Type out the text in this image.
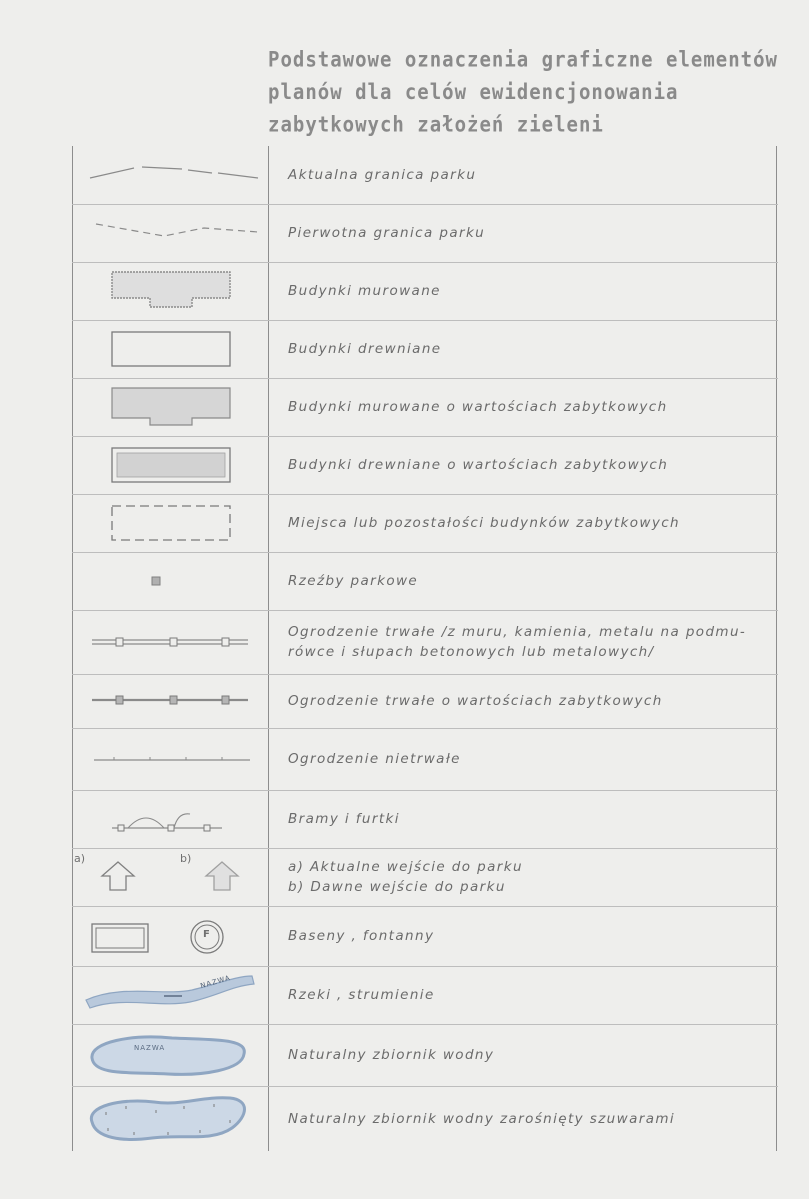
Podstawowe oznaczenia graficzne elementów
planów dla celów ewidencjonowania
zabytkowych założeń zieleni
Aktualna granica parku
Pierwotna granica parku
Budynki murowane
Budynki drewniane
Budynki murowane o wartościach zabytkowych
Budynki drewniane o wartościach zabytkowych
Miejsca lub pozostałości budynków zabytkowych
Rzeźby parkowe
Ogrodzenie trwałe /z muru, kamienia, metalu na podmu-
rówce i słupach betonowych lub metalowych/
Ogrodzenie trwałe o wartościach zabytkowych
Ogrodzenie nietrwałe
Bramy i furtki
a)	b)
a) Aktualne wejście do parku
b) Dawne wejście do parku
F	Baseny , fontanny
NAZWA
Rzeki , strumienie
NAZWA	Naturalny zbiornik wodny
Naturalny zbiornik wodny zarośnięty szuwarami
